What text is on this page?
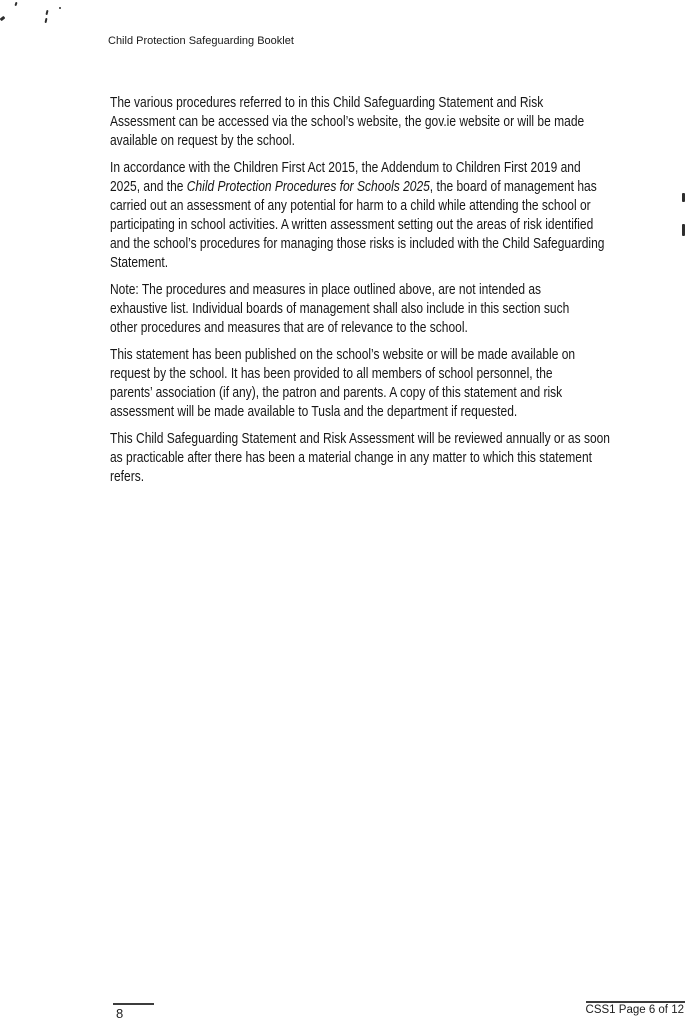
Child Protection Safeguarding Booklet

The various procedures referred to in this Child Safeguarding Statement and Risk
Assessment can be accessed via the school’s website, the gov.ie website or will be made
available on request by the school.

In accordance with the Children First Act 2015, the Addendum to Children First 2019 and
2025, and the Child Protection Procedures for Schools 2025, the board of management has
carried out an assessment of any potential for harm to a child while attending the school or
participating in school activities. A written assessment setting out the areas of risk identified
and the school’s procedures for managing those risks is included with the Child Safeguarding
Statement.

Note: The procedures and measures in place outlined above, are not intended as
exhaustive list. Individual boards of management shall also include in this section such
other procedures and measures that are of relevance to the school.

This statement has been published on the school’s website or will be made available on
request by the school. It has been provided to all members of school personnel, the
parents’ association (if any), the patron and parents. A copy of this statement and risk
assessment will be made available to Tusla and the department if requested.

This Child Safeguarding Statement and Risk Assessment will be reviewed annually or as soon
as practicable after there has been a material change in any matter to which this statement
refers.

8	CSS1 Page 6 of 12
